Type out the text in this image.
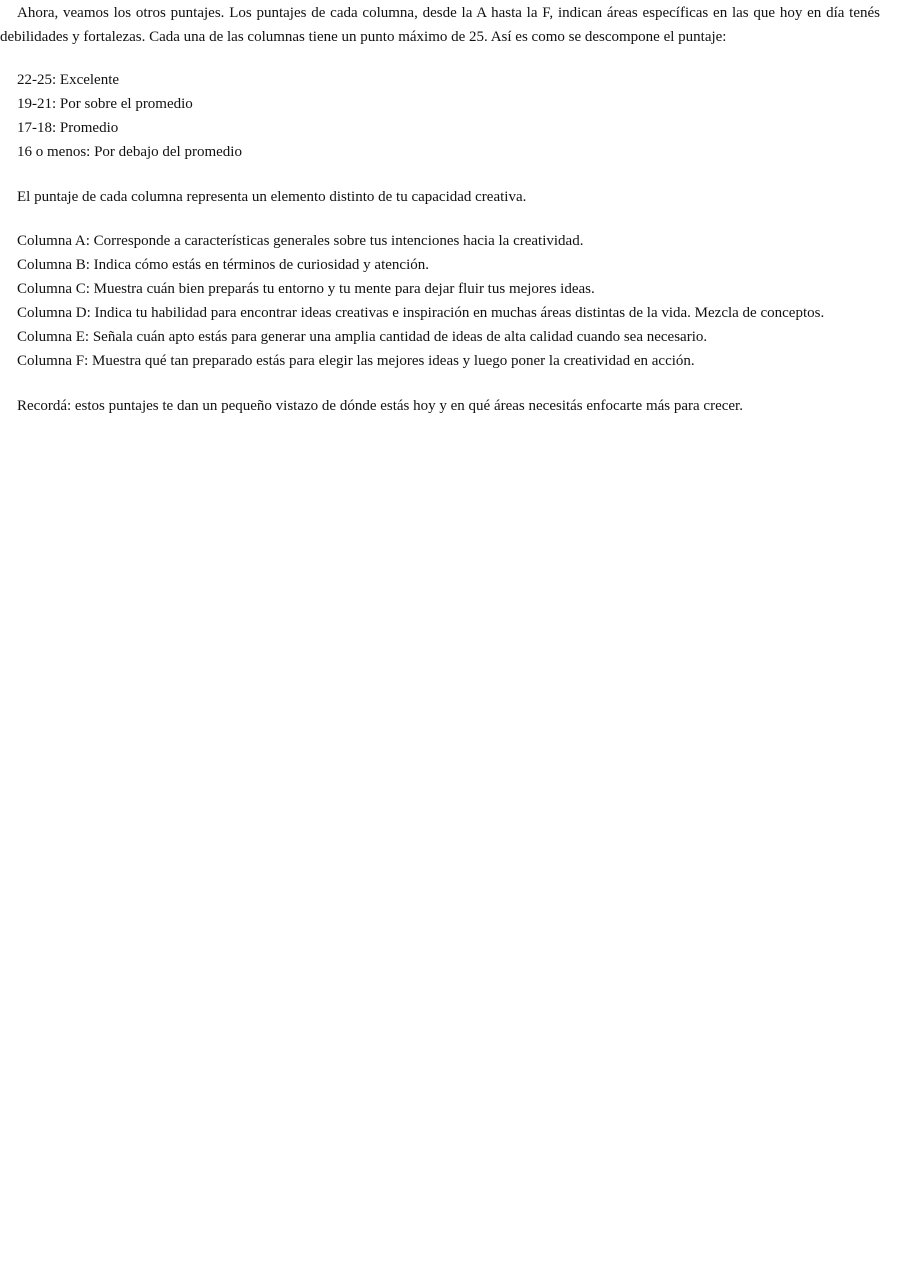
Ahora, veamos los otros puntajes. Los puntajes de cada columna, desde la A hasta la F, indican áreas específicas en las que hoy en día tenés debilidades y fortalezas. Cada una de las columnas tiene un punto máximo de 25. Así es como se descompone el puntaje:

22-25: Excelente
19-21: Por sobre el promedio
17-18: Promedio
16 o menos: Por debajo del promedio

El puntaje de cada columna representa un elemento distinto de tu capacidad creativa.

Columna A: Corresponde a características generales sobre tus intenciones hacia la creatividad.
Columna B: Indica cómo estás en términos de curiosidad y atención.
Columna C: Muestra cuán bien preparás tu entorno y tu mente para dejar fluir tus mejores ideas.
Columna D: Indica tu habilidad para encontrar ideas creativas e inspiración en muchas áreas distintas de la vida. Mezcla de conceptos.
Columna E: Señala cuán apto estás para generar una amplia cantidad de ideas de alta calidad cuando sea necesario.
Columna F: Muestra qué tan preparado estás para elegir las mejores ideas y luego poner la creatividad en acción.

Recordá: estos puntajes te dan un pequeño vistazo de dónde estás hoy y en qué áreas necesitás enfocarte más para crecer.
